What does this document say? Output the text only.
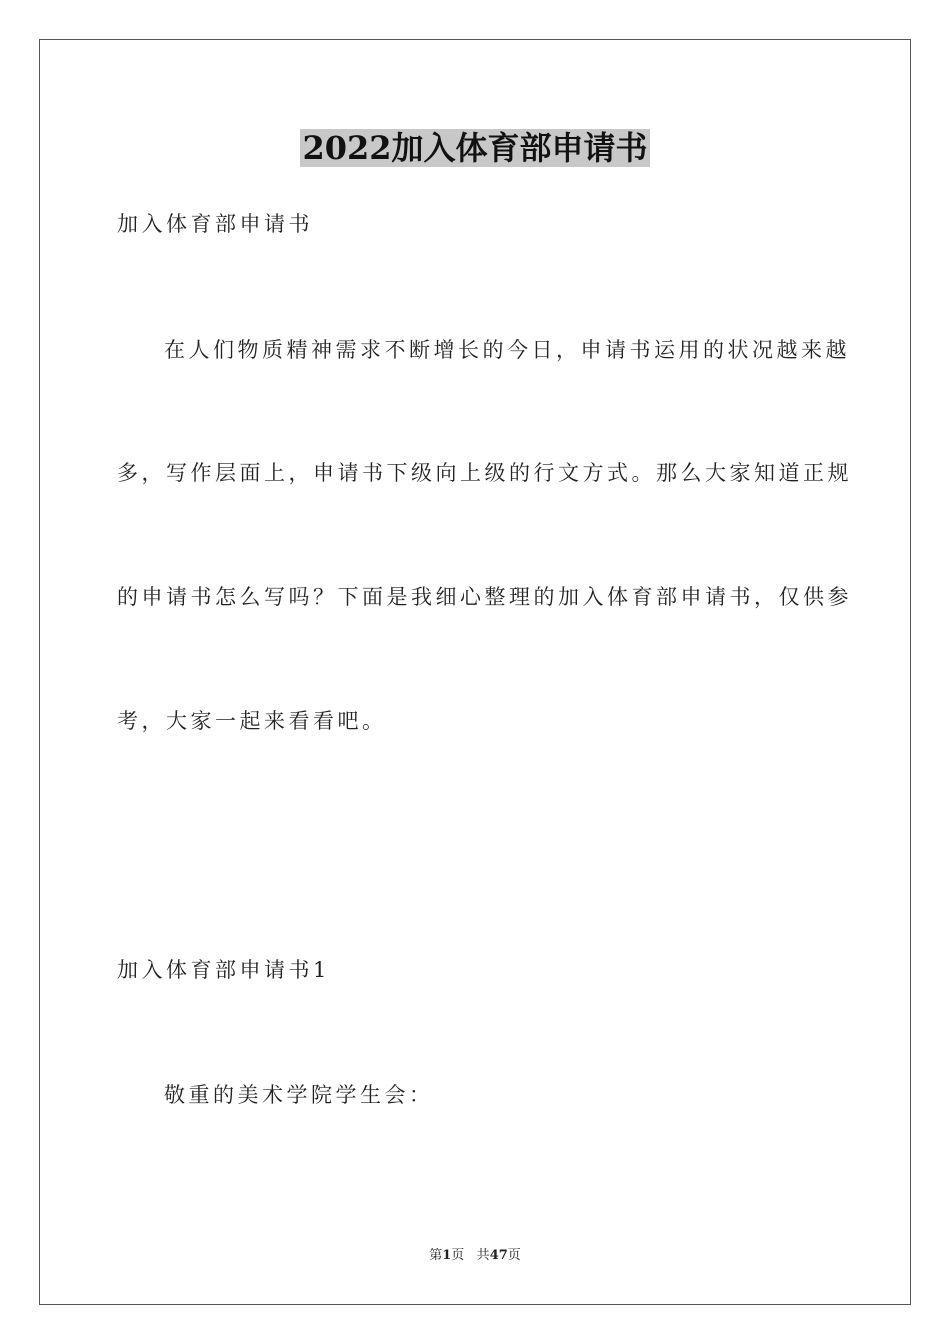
2022加入体育部申请书
加入体育部申请书
在人们物质精神需求不断增长的今日，申请书运用的状况越来越
多，写作层面上，申请书下级向上级的行文方式。那么大家知道正规
的申请书怎么写吗？下面是我细心整理的加入体育部申请书，仅供参
考，大家一起来看看吧。
加入体育部申请书1
敬重的美术学院学生会：
第1页 共47页
